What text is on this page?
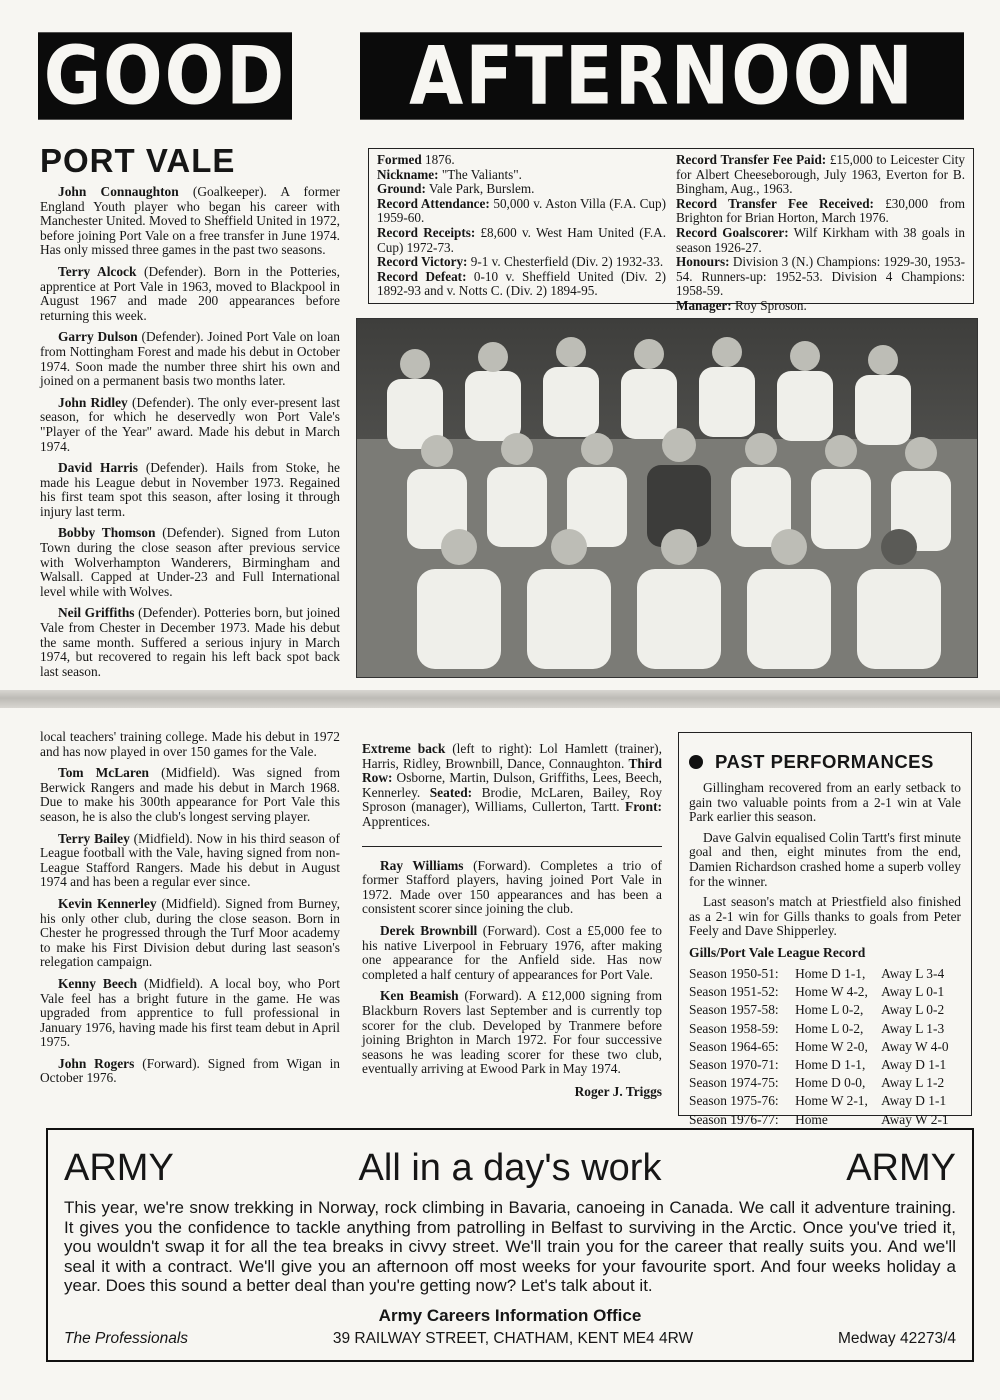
GOOD	AFTERNOON
PORT VALE

John Connaughton (Goalkeeper). A former England Youth player who began his career with Manchester United. Moved to Sheffield United in 1972, before joining Port Vale on a free transfer in June 1974. Has only missed three games in the past two seasons.

Terry Alcock (Defender). Born in the Potteries, apprentice at Port Vale in 1963, moved to Blackpool in August 1967 and made 200 appearances before returning this week.

Garry Dulson (Defender). Joined Port Vale on loan from Nottingham Forest and made his debut in October 1974. Soon made the number three shirt his own and joined on a permanent basis two months later.

John Ridley (Defender). The only ever-present last season, for which he deservedly won Port Vale's "Player of the Year" award. Made his debut in March 1974.

David Harris (Defender). Hails from Stoke, he made his League debut in November 1973. Regained his first team spot this season, after losing it through injury last term.

Bobby Thomson (Defender). Signed from Luton Town during the close season after previous service with Wolverhampton Wanderers, Birmingham and Walsall. Capped at Under-23 and Full International level while with Wolves.

Neil Griffiths (Defender). Potteries born, but joined Vale from Chester in December 1973. Made his debut the same month. Suffered a serious injury in March 1974, but recovered to regain his left back spot back last season.

Formed 1876.

Nickname: "The Valiants".

Ground: Vale Park, Burslem.

Record Attendance: 50,000 v. Aston Villa (F.A. Cup) 1959-60.

Record Receipts: £8,600 v. West Ham United (F.A. Cup) 1972-73.

Record Victory: 9-1 v. Chesterfield (Div. 2) 1932-33.

Record Defeat: 0-10 v. Sheffield United (Div. 2) 1892-93 and v. Notts C. (Div. 2) 1894-95.

Record Transfer Fee Paid: £15,000 to Leicester City for Albert Cheeseborough, July 1963, Everton for B. Bingham, Aug., 1963.

Record Transfer Fee Received: £30,000 from Brighton for Brian Horton, March 1976.

Record Goalscorer: Wilf Kirkham with 38 goals in season 1926-27.

Honours: Division 3 (N.) Champions: 1929-30, 1953-54. Runners-up: 1952-53. Division 4 Champions: 1958-59.

Manager: Roy Sproson.

local teachers' training college. Made his debut in 1972 and has now played in over 150 games for the Vale.

Tom McLaren (Midfield). Was signed from Berwick Rangers and made his debut in March 1968. Due to make his 300th appearance for Port Vale this season, he is also the club's longest serving player.

Terry Bailey (Midfield). Now in his third season of League football with the Vale, having signed from non-League Stafford Rangers. Made his debut in August 1974 and has been a regular ever since.

Kevin Kennerley (Midfield). Signed from Burney, his only other club, during the close season. Born in Chester he progressed through the Turf Moor academy to make his First Division debut during last season's relegation campaign.

Kenny Beech (Midfield). A local boy, who Port Vale feel has a bright future in the game. He was upgraded from apprentice to full professional in January 1976, having made his first team debut in April 1975.

John Rogers (Forward). Signed from Wigan in October 1976.

Extreme back (left to right): Lol Hamlett (trainer), Harris, Ridley, Brownbill, Dance, Connaughton. Third Row: Osborne, Martin, Dulson, Griffiths, Lees, Beech, Kennerley. Seated: Brodie, McLaren, Bailey, Roy Sproson (manager), Williams, Cullerton, Tartt. Front: Apprentices.

Ray Williams (Forward). Completes a trio of former Stafford players, having joined Port Vale in 1972. Made over 150 appearances and has been a consistent scorer since joining the club.

Derek Brownbill (Forward). Cost a £5,000 fee to his native Liverpool in February 1976, after making one appearance for the Anfield side. Has now completed a half century of appearances for Port Vale.

Ken Beamish (Forward). A £12,000 signing from Blackburn Rovers last September and is currently top scorer for the club. Developed by Tranmere before joining Brighton in March 1972. For four successive seasons he was leading scorer for these two club, eventually arriving at Ewood Park in May 1974.

Roger J. Triggs

PAST PERFORMANCES

Gillingham recovered from an early setback to gain two valuable points from a 2-1 win at Vale Park earlier this season.

Dave Galvin equalised Colin Tartt's first minute goal and then, eight minutes from the end, Damien Richardson crashed home a superb volley for the winner.

Last season's match at Priestfield also finished as a 2-1 win for Gills thanks to goals from Peter Feely and Dave Shipperley.

Gills/Port Vale League Record
Season 1950-51:	Home D 1-1,	Away L 3-4
Season 1951-52:	Home W 4-2,	Away L 0-1
Season 1957-58:	Home L 0-2,	Away L 0-2
Season 1958-59:	Home L 0-2,	Away L 1-3
Season 1964-65:	Home W 2-0,	Away W 4-0
Season 1970-71:	Home D 1-1,	Away D 1-1
Season 1974-75:	Home D 0-0,	Away L 1-2
Season 1975-76:	Home W 2-1,	Away D 1-1
Season 1976-77:	Home	Away W 2-1
ARMY	All in a day's work	ARMY
This year, we're snow trekking in Norway, rock climbing in Bavaria, canoeing in Canada. We call it adventure training. It gives you the confidence to tackle anything from patrolling in Belfast to surviving in the Arctic. Once you've tried it, you wouldn't swap it for all the tea breaks in civvy street. We'll train you for the career that really suits you. And we'll seal it with a contract. We'll give you an afternoon off most weeks for your favourite sport. And four weeks holiday a year. Does this sound a better deal than you're getting now? Let's talk about it.
Army Careers Information Office
The Professionals	39 RAILWAY STREET, CHATHAM, KENT ME4 4RW	Medway 42273/4
